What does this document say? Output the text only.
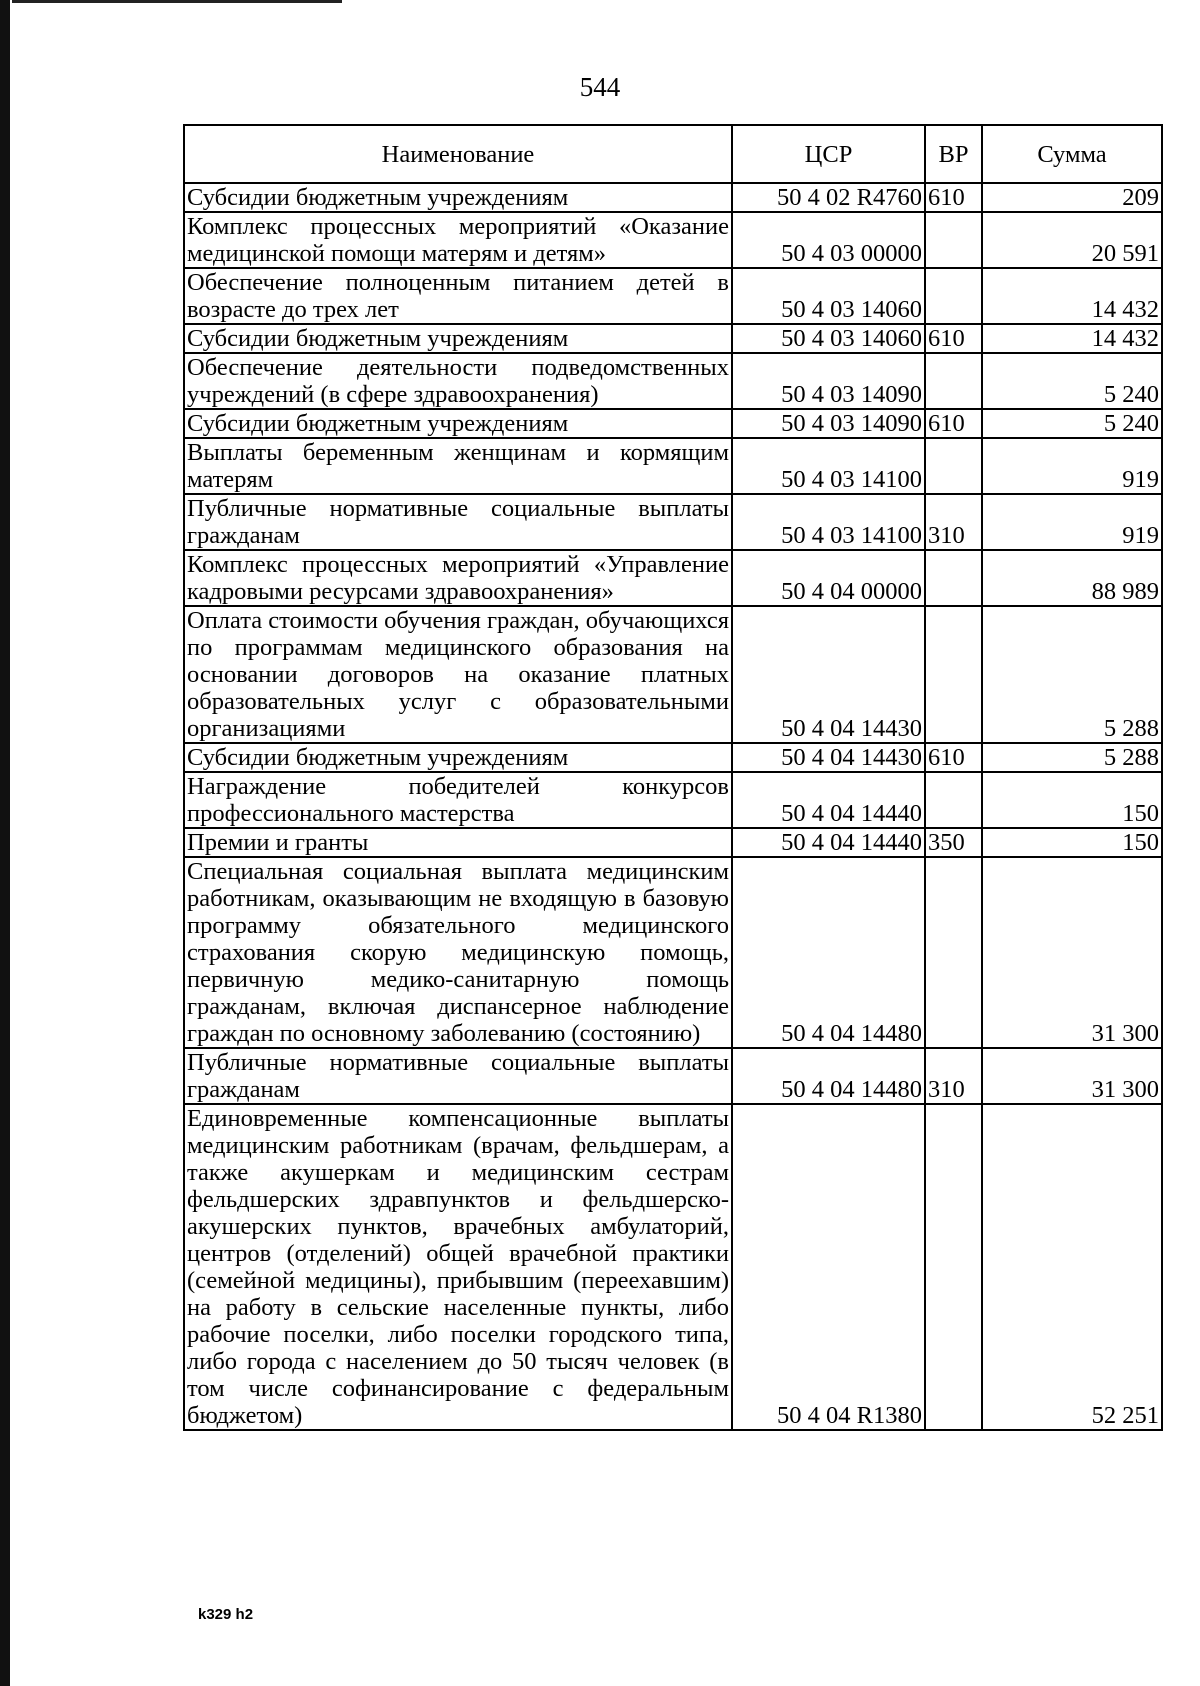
544
Наименование	ЦСР	ВР	Сумма
Субсидии бюджетным учреждениям	50 4 02 R4760	610	209
Комплекс процессных мероприятий «Оказание медицинской помощи матерям и детям»	50 4 03 00000		20 591
Обеспечение полноценным питанием детей в возрасте до трех лет	50 4 03 14060		14 432
Субсидии бюджетным учреждениям	50 4 03 14060	610	14 432
Обеспечение деятельности подведомственных учреждений (в сфере здравоохранения)	50 4 03 14090		5 240
Субсидии бюджетным учреждениям	50 4 03 14090	610	5 240
Выплаты беременным женщинам и кормящим матерям	50 4 03 14100		919
Публичные нормативные социальные выплаты гражданам	50 4 03 14100	310	919
Комплекс процессных мероприятий «Управление кадровыми ресурсами здравоохранения»	50 4 04 00000		88 989
Оплата стоимости обучения граждан, обучающихся по программам медицинского образования на основании договоров на оказание платных образовательных услуг с образовательными организациями	50 4 04 14430		5 288
Субсидии бюджетным учреждениям	50 4 04 14430	610	5 288
Награждение победителей конкурсов профессионального мастерства	50 4 04 14440		150
Премии и гранты	50 4 04 14440	350	150
Специальная социальная выплата медицинским работникам, оказывающим не входящую в базовую программу обязательного медицинского страхования скорую медицинскую помощь, первичную медико-санитарную помощь гражданам, включая диспансерное наблюдение граждан по основному заболеванию (состоянию)	50 4 04 14480		31 300
Публичные нормативные социальные выплаты гражданам	50 4 04 14480	310	31 300
Единовременные компенсационные выплаты медицинским работникам (врачам, фельдшерам, а также акушеркам и медицинским сестрам фельдшерских здравпунктов и фельдшерско-акушерских пунктов, врачебных амбулаторий, центров (отделений) общей врачебной практики (семейной медицины), прибывшим (переехавшим) на работу в сельские населенные пункты, либо рабочие поселки, либо поселки городского типа, либо города с населением до 50 тысяч человек (в том числе софинансирование с федеральным бюджетом)	50 4 04 R1380		52 251
k329 h2
